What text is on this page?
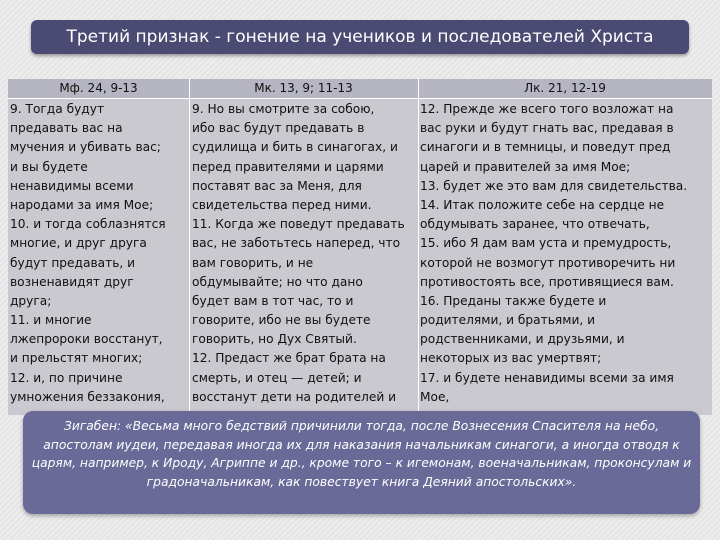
Третий признак - гонение на учеников и последователей Христа
Мф. 24, 9-13	Мк. 13, 9; 11-13	Лк. 21, 12-19
9. Тогда будут
предавать вас на
мучения и убивать вас;
и вы будете
ненавидимы всеми
народами за имя Мое;
10. и тогда соблазнятся
многие, и друг друга
будут предавать, и
возненавидят друг
друга;
11. и многие
лжепророки восстанут,
и прельстят многих;
12. и, по причине
умножения беззакония,
9. Но вы смотрите за собою,
ибо вас будут предавать в
судилища и бить в синагогах, и
перед правителями и царями
поставят вас за Меня, для
свидетельства перед ними.
11. Когда же поведут предавать
вас, не заботьтесь наперед, что
вам говорить, и не
обдумывайте; но что дано
будет вам в тот час, то и
говорите, ибо не вы будете
говорить, но Дух Святый.
12. Предаст же брат брата на
смерть, и отец — детей; и
восстанут дети на родителей и
12. Прежде же всего того возложат на
вас руки и будут гнать вас, предавая в
синагоги и в темницы, и поведут пред
царей и правителей за имя Мое;
13. будет же это вам для свидетельства.
14. Итак положите себе на сердце не
обдумывать заранее, что отвечать,
15. ибо Я дам вам уста и премудрость,
которой не возмогут противоречить ни
противостоять все, противящиеся вам.
16. Преданы также будете и
родителями, и братьями, и
родственниками, и друзьями, и
некоторых из вас умертвят;
17. и будете ненавидимы всеми за имя
Мое,

Зигабен: «Весьма много бедствий причинили тогда, после Вознесения Спасителя на небо, апостолам иудеи, передавая иногда их для наказания начальникам синагоги, а иногда отводя к царям, например, к Ироду, Агриппе и др., кроме того – к игемонам, военачальникам, проконсулам и градоначальникам, как повествует книга Деяний апостольских».
